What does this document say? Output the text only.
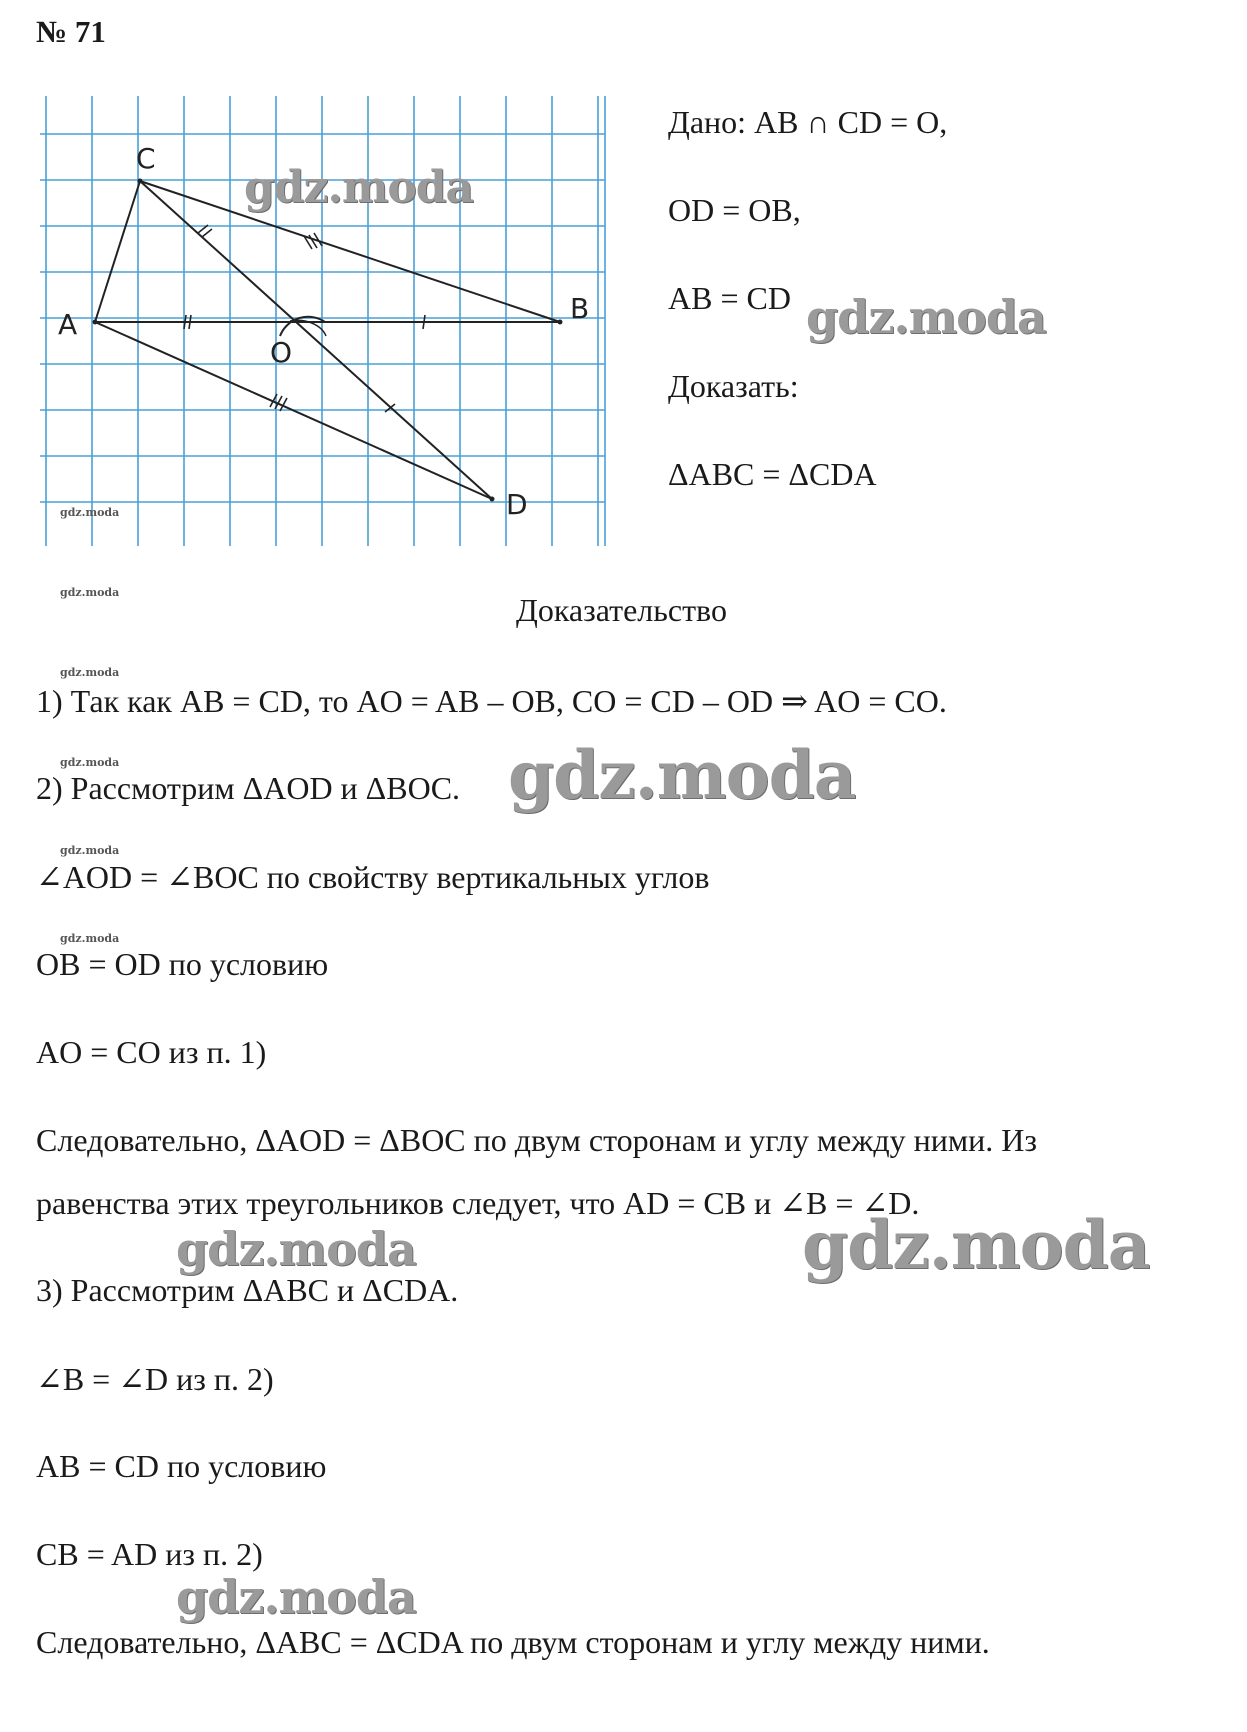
№ 71
A	B
C
D
O
Дано: AB ∩ CD = O,
OD = OB,
AB = CD
Доказать:
ΔABC = ΔCDA
Доказательство
1) Так как AB = CD, то AO = AB – OB, CO = CD – OD ⇒ AO = CO.
2) Рассмотрим ΔAOD и ΔBOC.
∠AOD = ∠BOC по свойству вертикальных углов
OB = OD по условию
AO = CO из п. 1)
Следовательно, ΔAOD = ΔBOC по двум сторонам и углу между ними. Из
равенства этих треугольников следует, что AD = CB и ∠B = ∠D.
3) Рассмотрим ΔABC и ΔCDA.
∠B = ∠D из п. 2)
AB = CD по условию
CB = AD из п. 2)
Следовательно, ΔABC = ΔCDA по двум сторонам и углу между ними.
gdz.moda
gdz.moda
gdz.moda
gdz.moda
gdz.moda
gdz.moda
gdz.moda
gdz.moda
gdz.moda
gdz.moda	gdz.moda
gdz.moda
